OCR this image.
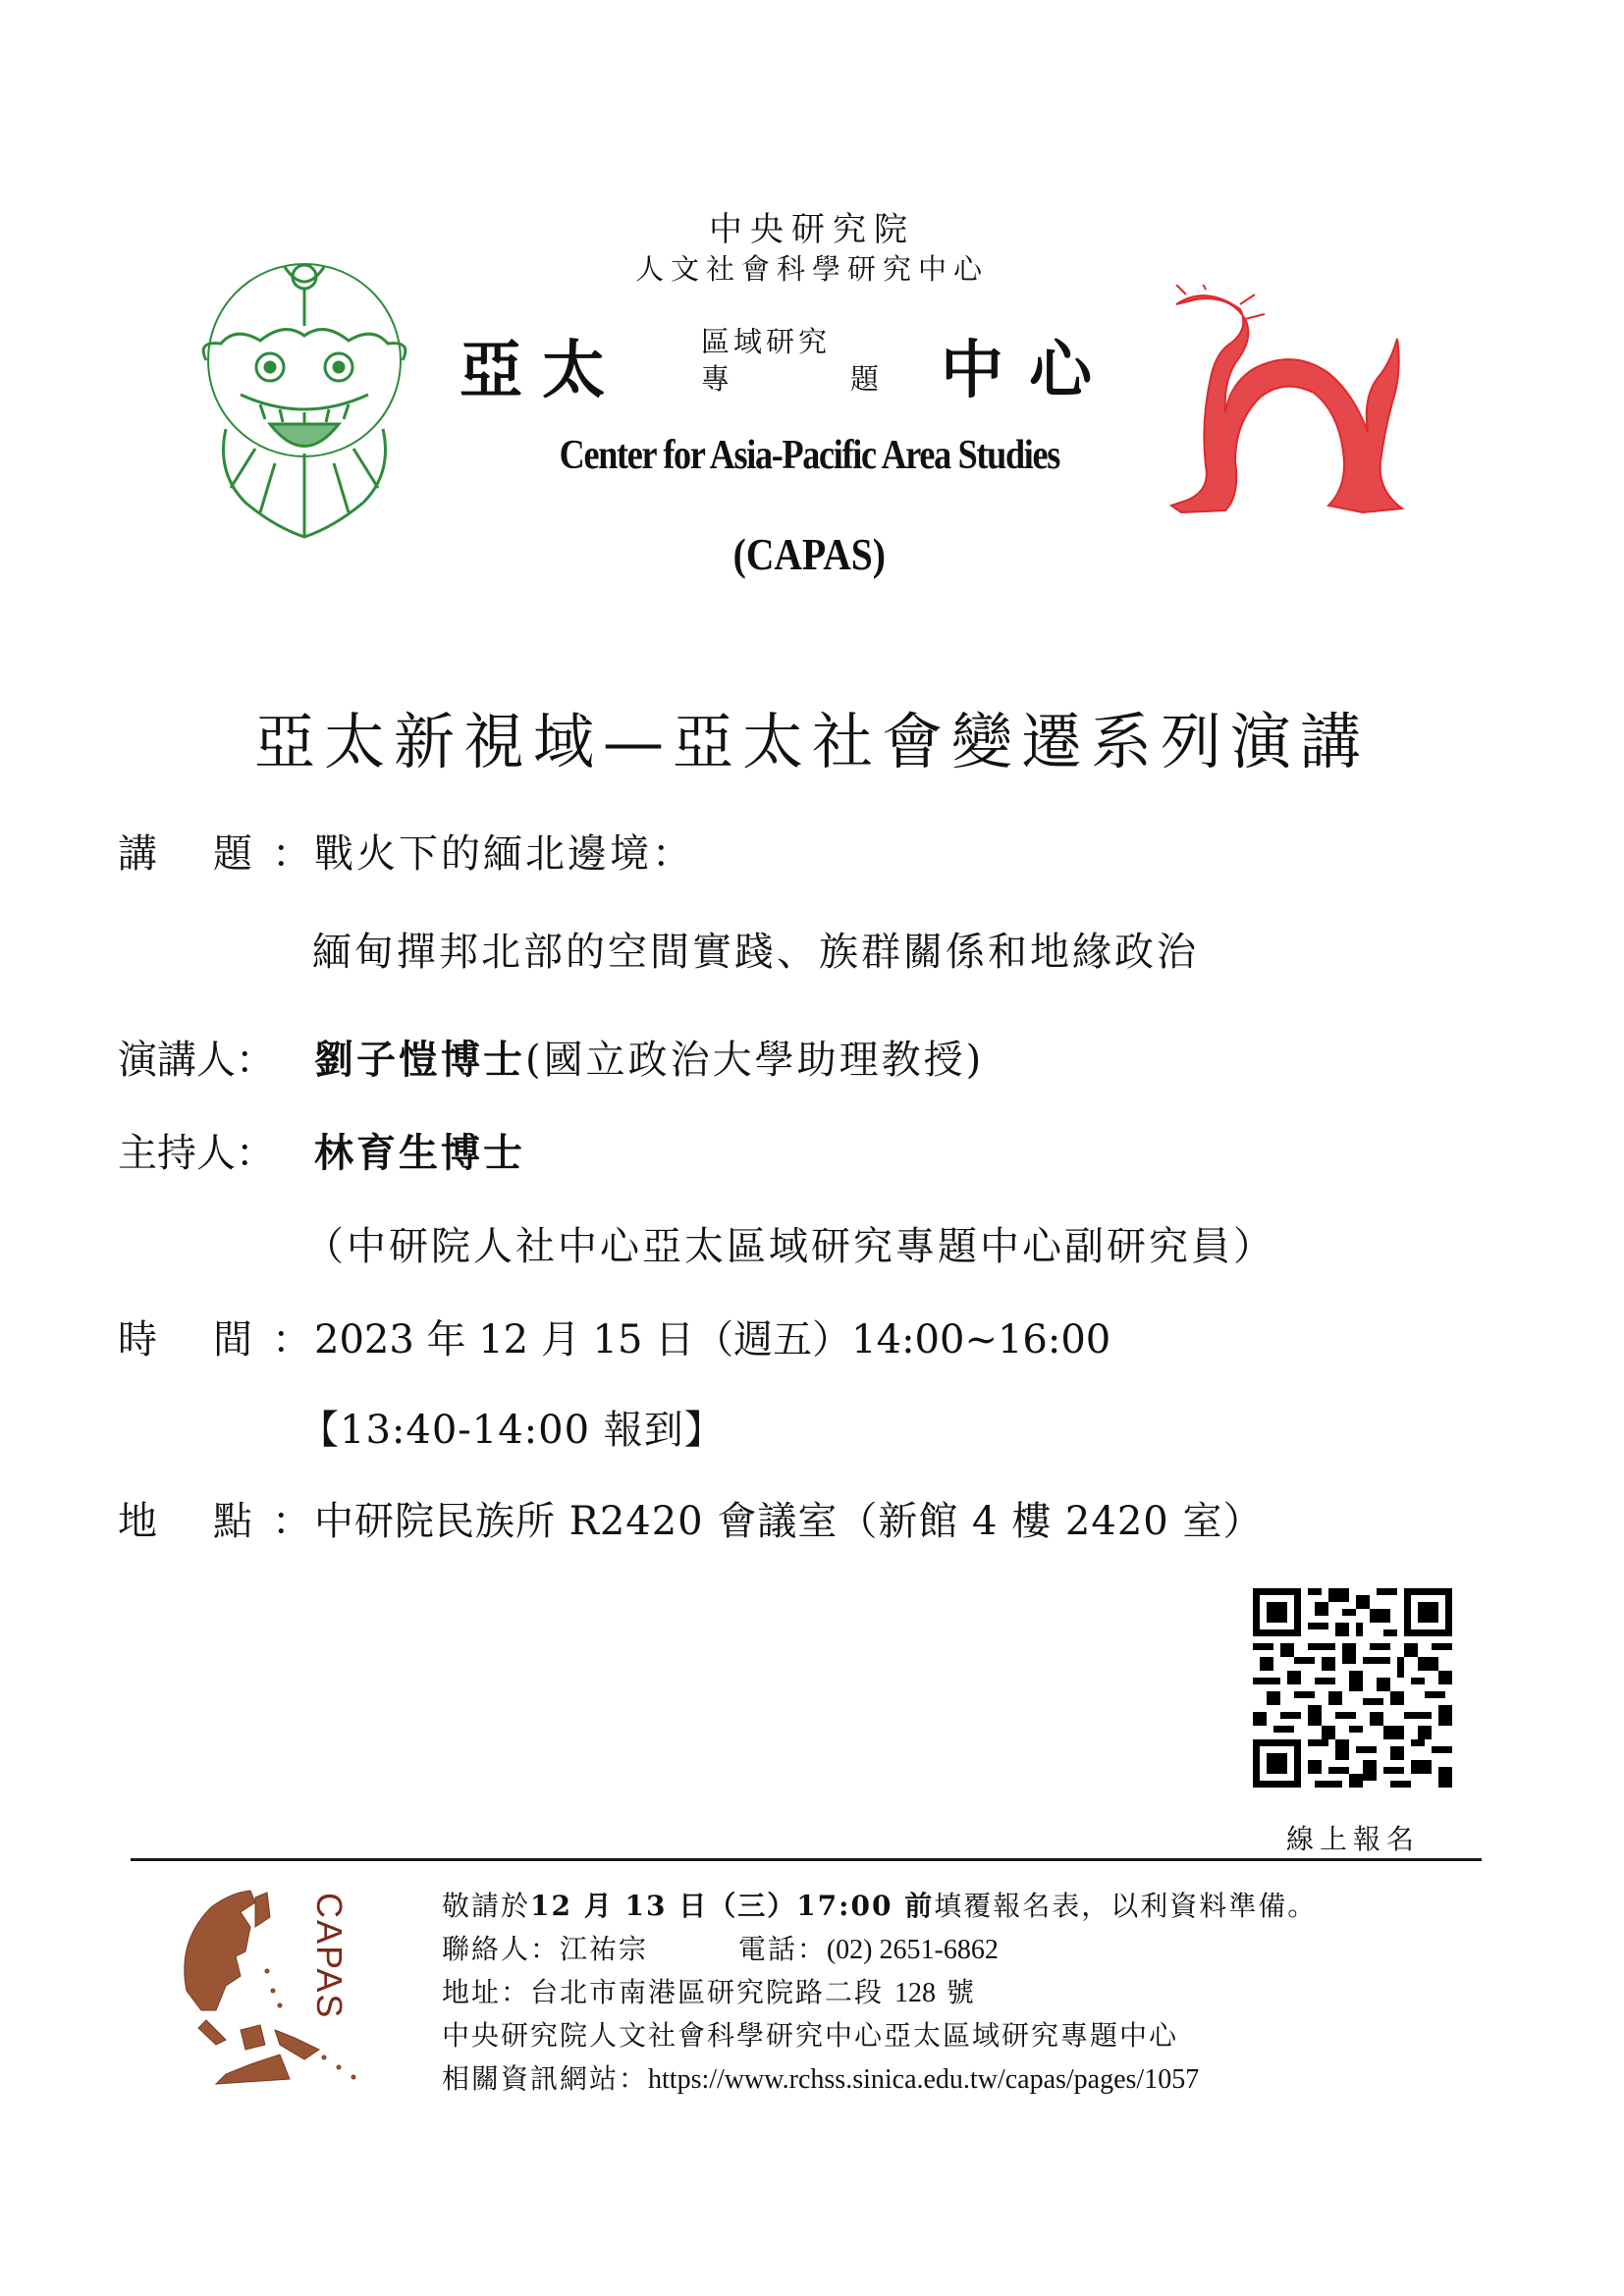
中央研究院
人文社會科學研究中心
亞太	區域研究
專	題 中心
Center for Asia-Pacific Area Studies
(CAPAS)
亞太新視域—亞太社會變遷系列演講
講	題 ： 戰火下的緬北邊境：
緬甸撣邦北部的空間實踐、族群關係和地緣政治
演講人：	劉子愷博士 (國立政治大學助理教授)
主持人：	林育生博士
（中研院人社中心亞太區域研究專題中心副研究員）
時	間 ： 2023 年 12 月 15 日（週五）14:00~16:00
【13:40-14:00 報到】
地	點 ： 中研院民族所 R2420 會議室（新館 4 樓 2420 室）
線上報名
CAPAS	敬請於12 月 13 日（三）17:00 前填覆報名表，以利資料準備。
聯絡人：江祐宗	電話：(02) 2651-6862
地址：台北市南港區研究院路二段 128 號
中央研究院人文社會科學研究中心亞太區域研究專題中心
相關資訊網站：https://www.rchss.sinica.edu.tw/capas/pages/1057
